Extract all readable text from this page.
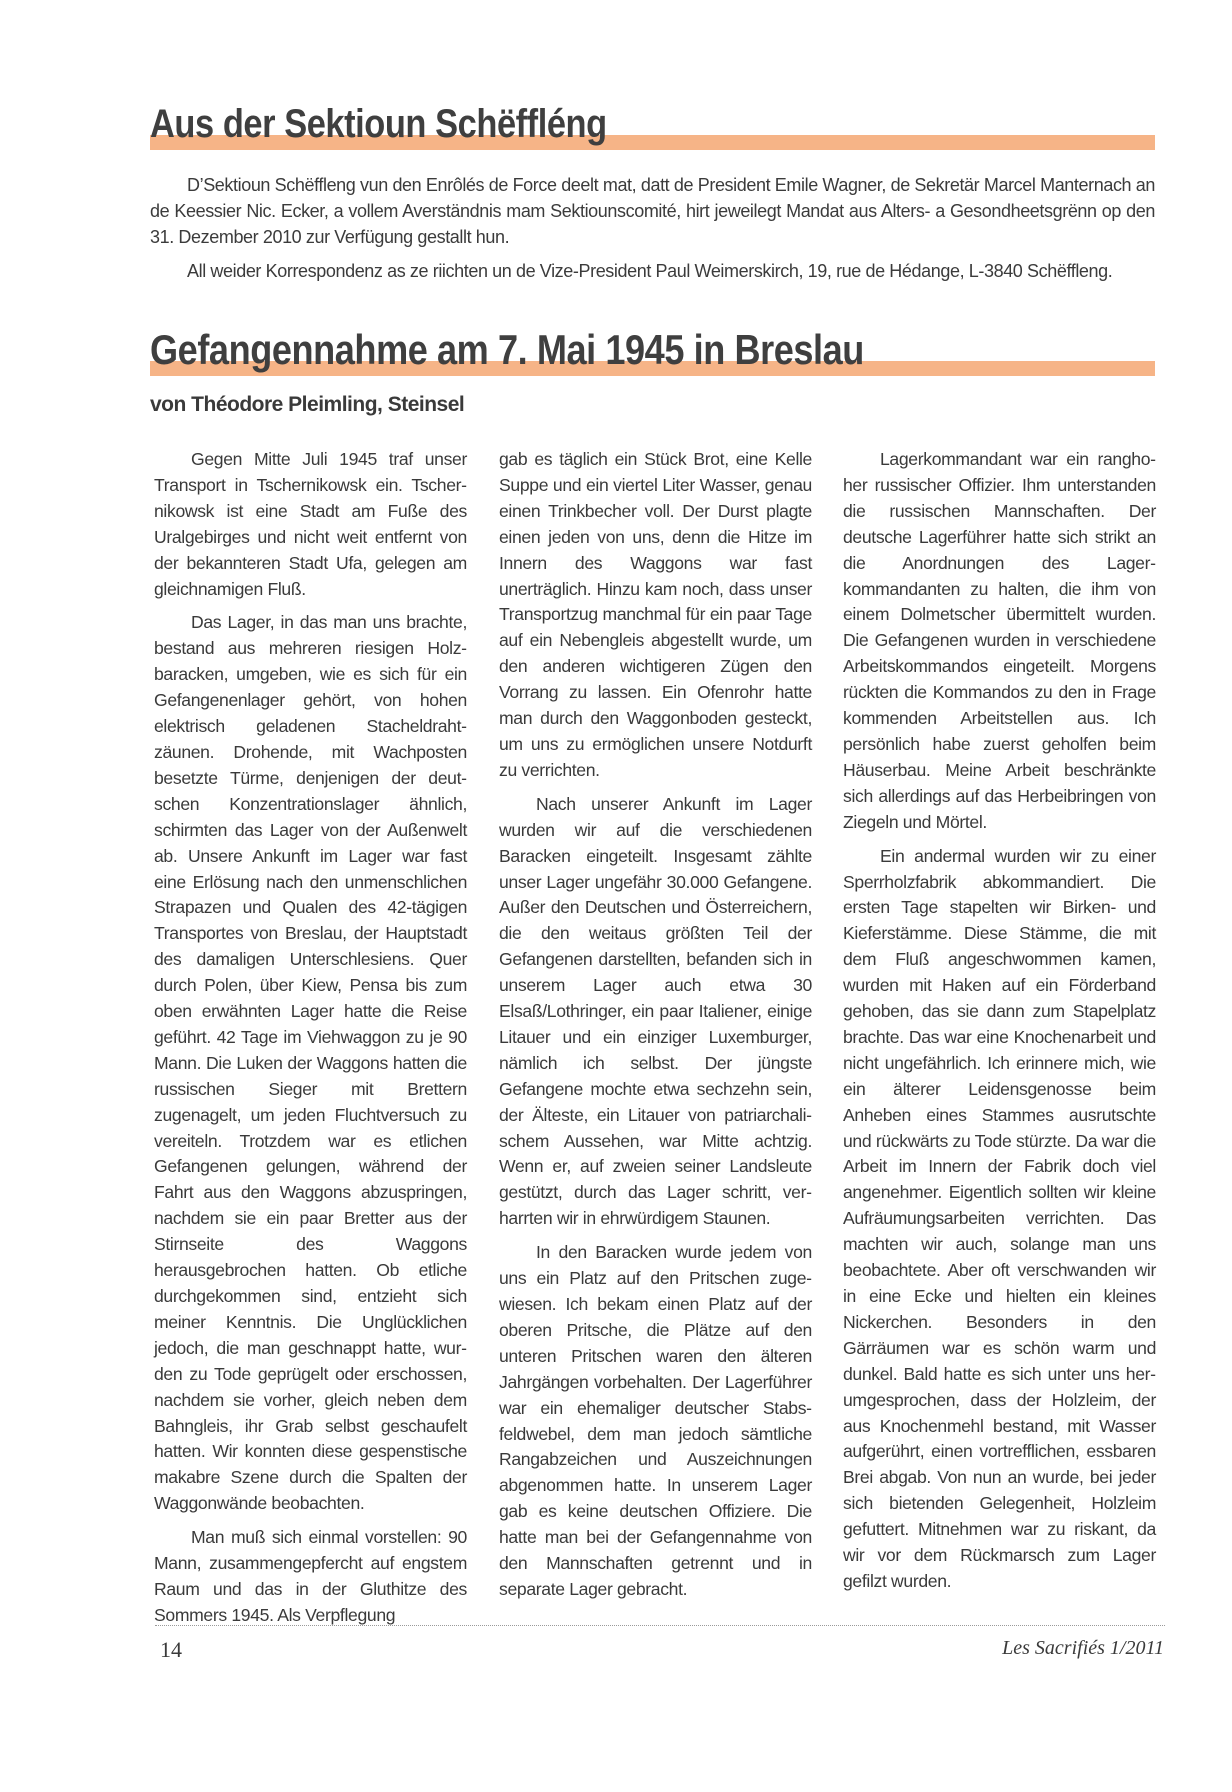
Aus der Sektioun Schëffléng

D’Sektioun Schëffleng vun den Enrôlés de Force deelt mat, datt de President Emile Wagner, de Sekretär Marcel Manternach an de Keessier Nic. Ecker, a vollem Averständnis mam Sektiounscomité, hirt jeweilegt Mandat aus Alters- a Gesondheetsgrënn op den 31. Dezember 2010 zur Verfügung gestallt hun.

All weider Korrespondenz as ze riichten un de Vize-President Paul Weimerskirch, 19, rue de Hédange, L-3840 Schëffleng.

Gefangennahme am 7. Mai 1945 in Breslau
von Théodore Pleimling, Steinsel

Gegen Mitte Juli 1945 traf unser Transport in Tschernikowsk ein. Tschernikowsk ist eine Stadt am Fuße des Uralgebirges und nicht weit entfernt von der bekannteren Stadt Ufa, gelegen am gleichnamigen Fluß.

Das Lager, in das man uns brachte, bestand aus mehreren riesigen Holzbaracken, umgeben, wie es sich für ein Gefangenenlager gehört, von hohen elektrisch geladenen Stacheldrahtzäunen. Drohende, mit Wachposten besetzte Türme, denjenigen der deutschen Konzentrationslager ähnlich, schirmten das Lager von der Außenwelt ab. Unsere Ankunft im Lager war fast eine Erlösung nach den unmenschlichen Strapazen und Qualen des 42-tägigen Transportes von Breslau, der Hauptstadt des damaligen Unterschlesiens. Quer durch Polen, über Kiew, Pensa bis zum oben erwähnten Lager hatte die Reise geführt. 42 Tage im Viehwaggon zu je 90 Mann. Die Luken der Waggons hatten die russischen Sieger mit Brettern zugenagelt, um jeden Fluchtversuch zu vereiteln. Trotzdem war es etlichen Gefangenen gelungen, während der Fahrt aus den Waggons abzuspringen, nachdem sie ein paar Bretter aus der Stirnseite des Waggons herausgebrochen hatten. Ob etliche durchgekommen sind, entzieht sich meiner Kenntnis. Die Unglücklichen jedoch, die man geschnappt hatte, wurden zu Tode geprügelt oder erschossen, nachdem sie vorher, gleich neben dem Bahngleis, ihr Grab selbst geschaufelt hatten. Wir konnten diese gespenstische makabre Szene durch die Spalten der Waggonwände beobachten.

Man muß sich einmal vorstellen: 90 Mann, zusammengepfercht auf engstem Raum und das in der Gluthitze des Sommers 1945. Als Verpflegung

gab es täglich ein Stück Brot, eine Kelle Suppe und ein viertel Liter Wasser, genau einen Trinkbecher voll. Der Durst plagte einen jeden von uns, denn die Hitze im Innern des Waggons war fast unerträglich. Hinzu kam noch, dass unser Transportzug manchmal für ein paar Tage auf ein Nebengleis abgestellt wurde, um den anderen wichtigeren Zügen den Vorrang zu lassen. Ein Ofenrohr hatte man durch den Waggonboden gesteckt, um uns zu ermöglichen unsere Notdurft zu verrichten.

Nach unserer Ankunft im Lager wurden wir auf die verschiedenen Baracken eingeteilt. Insgesamt zählte unser Lager ungefähr 30.000 Gefangene. Außer den Deutschen und Österreichern, die den weitaus größten Teil der Gefangenen darstellten, befanden sich in unserem Lager auch etwa 30 Elsaß/Lothringer, ein paar Italiener, einige Litauer und ein einziger Luxemburger, nämlich ich selbst. Der jüngste Gefangene mochte etwa sechzehn sein, der Älteste, ein Litauer von patriarchalischem Aussehen, war Mitte achtzig. Wenn er, auf zweien seiner Landsleute gestützt, durch das Lager schritt, verharrten wir in ehrwürdigem Staunen.

In den Baracken wurde jedem von uns ein Platz auf den Pritschen zugewiesen. Ich bekam einen Platz auf der oberen Pritsche, die Plätze auf den unteren Pritschen waren den älteren Jahrgängen vorbehalten. Der Lagerführer war ein ehemaliger deutscher Stabsfeldwebel, dem man jedoch sämtliche Rangabzeichen und Auszeichnungen abgenommen hatte. In unserem Lager gab es keine deutschen Offiziere. Die hatte man bei der Gefangennahme von den Mannschaften getrennt und in separate Lager gebracht.

Lagerkommandant war ein ranghoher russischer Offizier. Ihm unterstanden die russischen Mannschaften. Der deutsche Lagerführer hatte sich strikt an die Anordnungen des Lagerkommandanten zu halten, die ihm von einem Dolmetscher übermittelt wurden. Die Gefangenen wurden in verschiedene Arbeitskommandos eingeteilt. Morgens rückten die Kommandos zu den in Frage kommenden Arbeitstellen aus. Ich persönlich habe zuerst geholfen beim Häuserbau. Meine Arbeit beschränkte sich allerdings auf das Herbeibringen von Ziegeln und Mörtel.

Ein andermal wurden wir zu einer Sperrholzfabrik abkommandiert. Die ersten Tage stapelten wir Birken- und Kieferstämme. Diese Stämme, die mit dem Fluß angeschwommen kamen, wurden mit Haken auf ein Förderband gehoben, das sie dann zum Stapelplatz brachte. Das war eine Knochenarbeit und nicht ungefährlich. Ich erinnere mich, wie ein älterer Leidensgenosse beim Anheben eines Stammes ausrutschte und rückwärts zu Tode stürzte. Da war die Arbeit im Innern der Fabrik doch viel angenehmer. Eigentlich sollten wir kleine Aufräumungsarbeiten verrichten. Das machten wir auch, solange man uns beobachtete. Aber oft verschwanden wir in eine Ecke und hielten ein kleines Nickerchen. Besonders in den Gärräumen war es schön warm und dunkel. Bald hatte es sich unter uns herumgesprochen, dass der Holzleim, der aus Knochenmehl bestand, mit Wasser aufgerührt, einen vortrefflichen, essbaren Brei abgab. Von nun an wurde, bei jeder sich bietenden Gelegenheit, Holzleim gefuttert. Mitnehmen war zu riskant, da wir vor dem Rückmarsch zum Lager gefilzt wurden.

14	Les Sacrifiés 1/2011
